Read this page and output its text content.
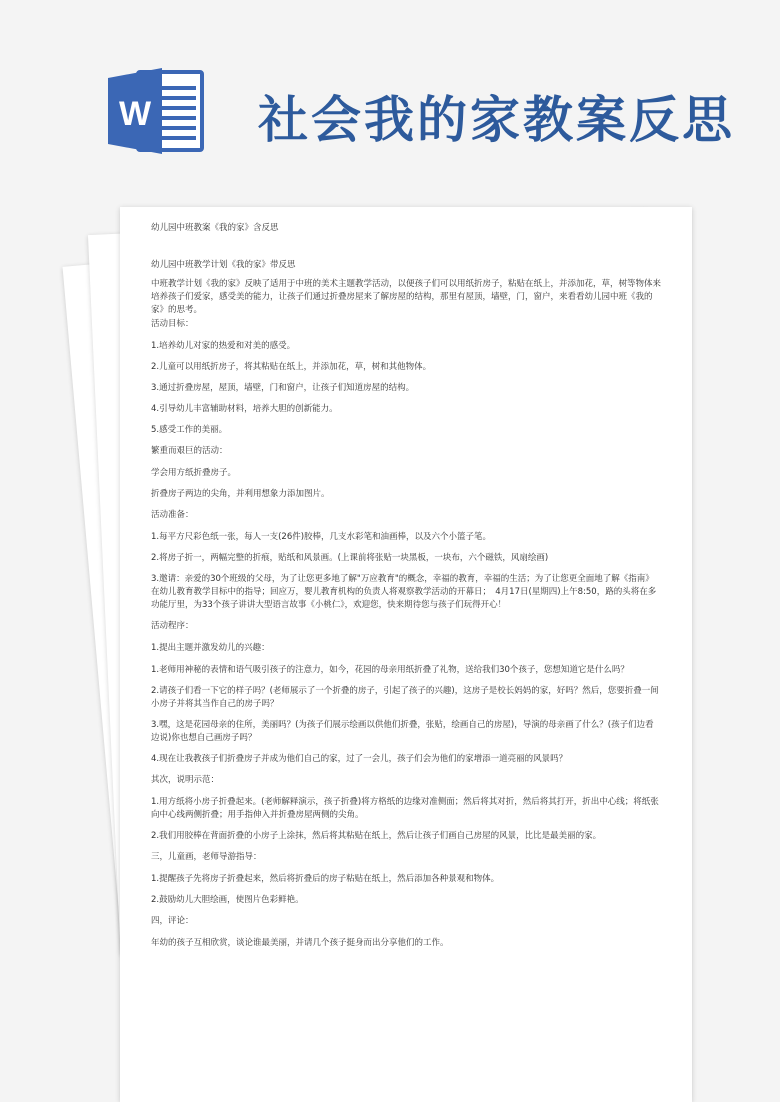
W 社会我的家教案反思

幼儿园中班教案《我的家》含反思

幼儿园中班教学计划《我的家》带反思

中班教学计划《我的家》反映了适用于中班的美术主题教学活动，以便孩子们可以用纸折房子，粘贴在纸上，并添加花，草，树等物体来培养孩子们爱家，感受美的能力，让孩子们通过折叠房屋来了解房屋的结构，那里有屋顶，墙壁，门，窗户，来看看幼儿园中班《我的家》的思考。

活动目标：

1.培养幼儿对家的热爱和对美的感受。

2.儿童可以用纸折房子，将其粘贴在纸上，并添加花，草，树和其他物体。

3.通过折叠房屋，屋顶，墙壁，门和窗户，让孩子们知道房屋的结构。

4.引导幼儿丰富辅助材料，培养大胆的创新能力。

5.感受工作的美丽。

繁重而艰巨的活动：

学会用方纸折叠房子。

折叠房子两边的尖角，并利用想象力添加图片。

活动准备：

1.每平方尺彩色纸一张，每人一支(26件)胶棒，几支水彩笔和油画棒，以及六个小篮子笔。

2.将房子折一，两幅完整的折痕，贴纸和风景画。(上课前将张贴一块黑板，一块布，六个磁铁，风扇绘画)

3.邀请：亲爱的30个班级的父母，为了让您更多地了解"万应教育"的概念，幸福的教育，幸福的生活；为了让您更全面地了解《指南》在幼儿教育教学目标中的指导；回应万，婴儿教育机构的负责人将观察教学活动的开幕日；　4月17日(星期四)上午8:50，路的头将在多功能厅里，为33个孩子讲讲大型语言故事《小桃仁》，欢迎您，快来期待您与孩子们玩得开心！

活动程序：

1.提出主题并激发幼儿的兴趣：

1.老师用神秘的表情和语气吸引孩子的注意力，如今，花园的母亲用纸折叠了礼物，送给我们30个孩子，您想知道它是什么吗？

2.请孩子们看一下它的样子吗？(老师展示了一个折叠的房子，引起了孩子的兴趣)，这房子是校长妈妈的家，好吗？然后，您要折叠一间小房子并将其当作自己的房子吗？

3.嘿，这是花园母亲的住所，美丽吗？(为孩子们展示绘画以供他们折叠，张贴，绘画自己的房屋)，导演的母亲画了什么？(孩子们边看边说)你也想自己画房子吗？

4.现在让我教孩子们折叠房子并成为他们自己的家，过了一会儿，孩子们会为他们的家增添一道亮丽的风景吗？

其次，说明示范：

1.用方纸将小房子折叠起来。(老师解释演示，孩子折叠)将方格纸的边缘对准侧面；然后将其对折，然后将其打开，折出中心线；将纸张向中心线两侧折叠；用手指伸入并折叠房屋两侧的尖角。

2.我们用胶棒在背面折叠的小房子上涂抹，然后将其粘贴在纸上，然后让孩子们画自己房屋的风景，比比是最美丽的家。

三，儿童画，老师导游指导：

1.提醒孩子先将房子折叠起来，然后将折叠后的房子粘贴在纸上，然后添加各种景观和物体。

2.鼓励幼儿大胆绘画，使图片色彩鲜艳。

四，评论：

年幼的孩子互相欣赏，谈论谁最美丽，并请几个孩子挺身而出分享他们的工作。
